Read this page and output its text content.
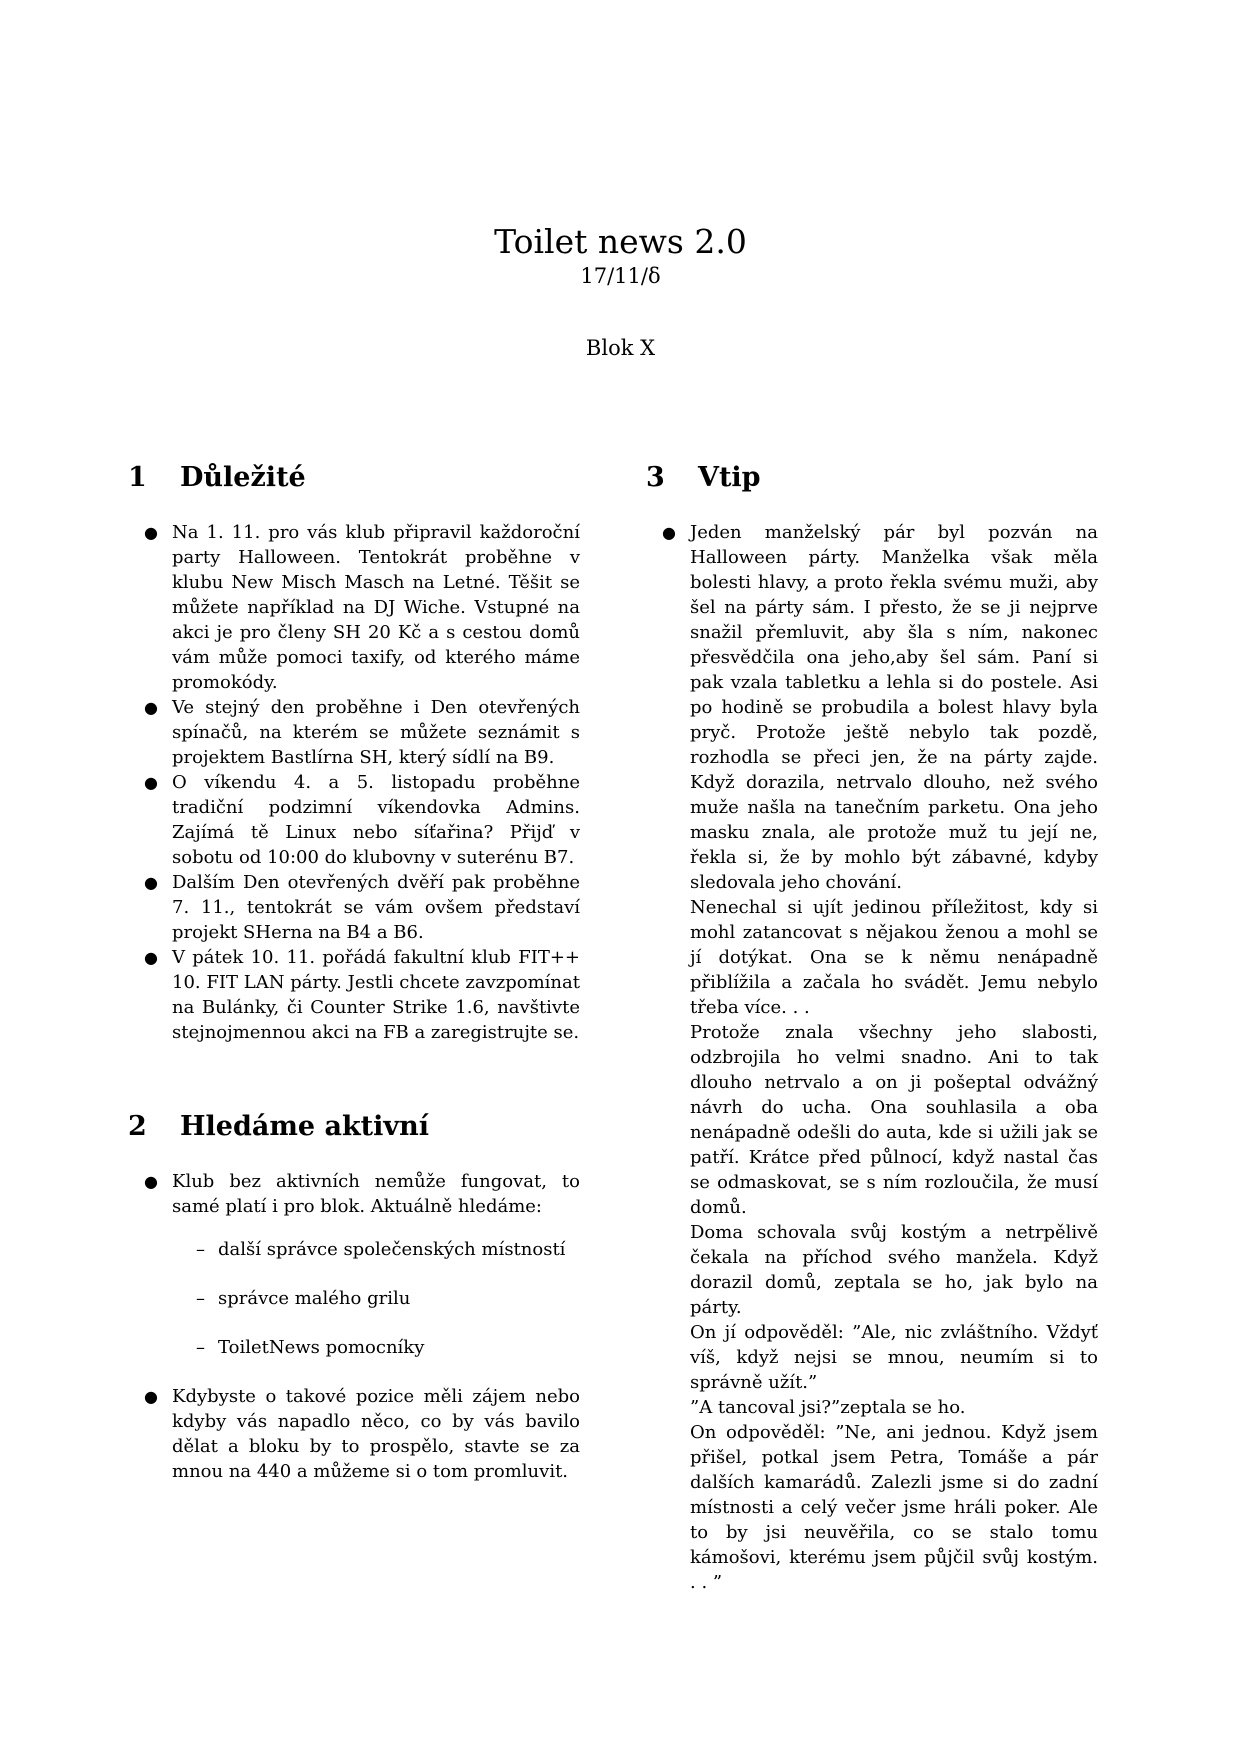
Toilet news 2.0
17/11/δ
Blok X
1	Důležité
● Na 1. 11. pro vás klub připravil každoroční party Halloween. Tentokrát proběhne v klubu New Misch Masch na Letné. Těšit se můžete například na DJ Wiche. Vstupné na akci je pro členy SH 20 Kč a s cestou domů vám může pomoci taxify, od kterého máme promokódy.
● Ve stejný den proběhne i Den otevřených spínačů, na kterém se můžete seznámit s projektem Bastlírna SH, který sídlí na B9.
● O víkendu 4. a 5. listopadu proběhne tradiční podzimní víkendovka Admins. Zajímá tě Linux nebo síťařina? Přijď v sobotu od 10:00 do klubovny v suterénu B7.
● Dalším Den otevřených dvěří pak proběhne 7. 11., tentokrát se vám ovšem představí projekt SHerna na B4 a B6.
● V pátek 10. 11. pořádá fakultní klub FIT++ 10. FIT LAN párty. Jestli chcete zavzpomínat na Bulánky, či Counter Strike 1.6, navštivte stejnojmennou akci na FB a zaregistrujte se.
2	Hledáme aktivní
● Klub bez aktivních nemůže fungovat, to samé platí i pro blok. Aktuálně hledáme:
– další správce společenských místností
– správce malého grilu
– ToiletNews pomocníky
● Kdybyste o takové pozice měli zájem nebo kdyby vás napadlo něco, co by vás bavilo dělat a bloku by to prospělo, stavte se za mnou na 440 a můžeme si o tom promluvit.
3	Vtip
● Jeden manželský pár byl pozván na Halloween párty. Manželka však měla bolesti hlavy, a proto řekla svému muži, aby šel na párty sám. I přesto, že se ji nejprve snažil přemluvit, aby šla s ním, nakonec přesvědčila ona jeho,aby šel sám. Paní si pak vzala tabletku a lehla si do postele. Asi po hodině se probudila a bolest hlavy byla pryč. Protože ještě nebylo tak pozdě, rozhodla se přeci jen, že na párty zajde. Když dorazila, netrvalo dlouho, než svého muže našla na tanečním parketu. Ona jeho masku znala, ale protože muž tu její ne, řekla si, že by mohlo být zábavné, kdyby sledovala jeho chování.
Nenechal si ujít jedinou příležitost, kdy si mohl zatancovat s nějakou ženou a mohl se jí dotýkat. Ona se k němu nenápadně přiblížila a začala ho svádět. Jemu nebylo třeba více. . .
Protože znala všechny jeho slabosti, odzbrojila ho velmi snadno. Ani to tak dlouho netrvalo a on ji pošeptal odvážný návrh do ucha. Ona souhlasila a oba nenápadně odešli do auta, kde si užili jak se patří. Krátce před půlnocí, když nastal čas se odmaskovat, se s ním rozloučila, že musí domů.
Doma schovala svůj kostým a netrpělivě čekala na příchod svého manžela. Když dorazil domů, zeptala se ho, jak bylo na párty.
On jí odpověděl: ”Ale, nic zvláštního. Vždyť víš, když nejsi se mnou, neumím si to správně užít.”
”A tancoval jsi?”zeptala se ho.
On odpověděl: ”Ne, ani jednou. Když jsem přišel, potkal jsem Petra, Tomáše a pár dalších kamarádů. Zalezli jsme si do zadní místnosti a celý večer jsme hráli poker. Ale to by jsi neuvěřila, co se stalo tomu kámošovi, kterému jsem půjčil svůj kostým. . . ”
